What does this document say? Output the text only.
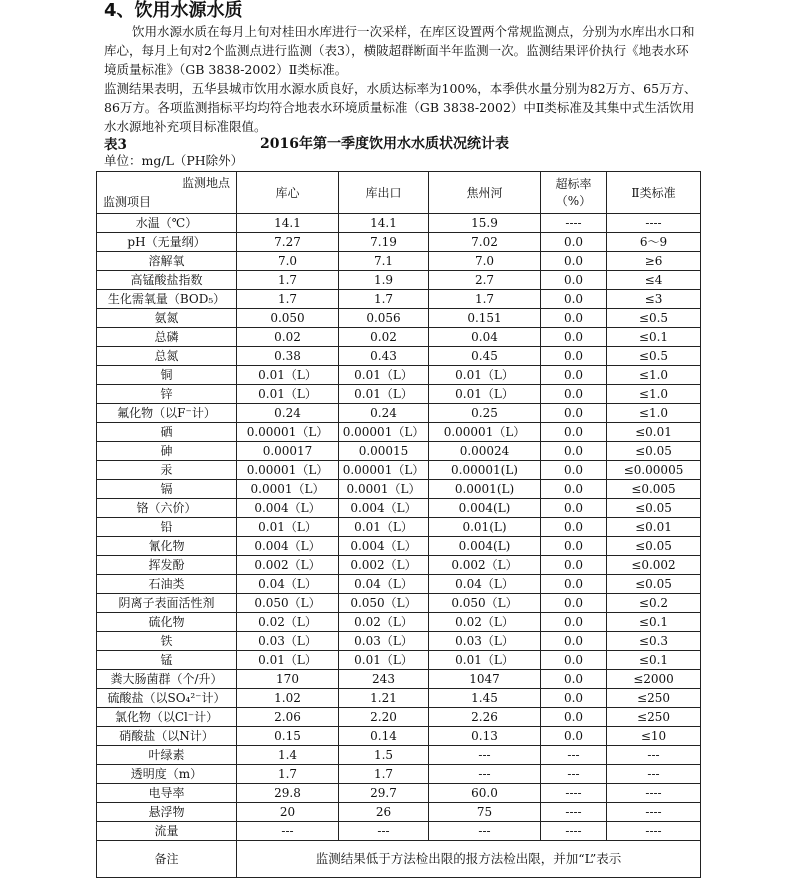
4、饮用水源水质

饮用水源水质在每月上旬对桂田水库进行一次采样，在库区设置两个常规监测点，分别为水库出水口和库心，每月上旬对2个监测点进行监测（表3），横陂超群断面半年监测一次。监测结果评价执行《地表水环境质量标准》（GB 3838-2002）Ⅱ类标准。

监测结果表明，五华县城市饮用水源水质良好，水质达标率为100%，本季供水量分别为82万方、65万方、86万方。各项监测指标平均均符合地表水环境质量标准（GB 3838-2002）中Ⅱ类标准及其集中式生活饮用水水源地补充项目标准限值。

表3	2016年第一季度饮用水水质状况统计表
单位：mg/L（PH除外）
监测地点
监测项目	库心	库出口	焦州河	超标率（%）	Ⅱ类标准
水温（℃）	14.1	14.1	15.9	----	----
pH（无量纲）	7.27	7.19	7.02	0.0	6～9
溶解氧	7.0	7.1	7.0	0.0	≥6
高锰酸盐指数	1.7	1.9	2.7	0.0	≤4
生化需氧量（BOD₅）	1.7	1.7	1.7	0.0	≤3
氨氮	0.050	0.056	0.151	0.0	≤0.5
总磷	0.02	0.02	0.04	0.0	≤0.1
总氮	0.38	0.43	0.45	0.0	≤0.5
铜	0.01（L）	0.01（L）	0.01（L）	0.0	≤1.0
锌	0.01（L）	0.01（L）	0.01（L）	0.0	≤1.0
氟化物（以F⁻计）	0.24	0.24	0.25	0.0	≤1.0
硒	0.00001（L）	0.00001（L）	0.00001（L）	0.0	≤0.01
砷	0.00017	0.00015	0.00024	0.0	≤0.05
汞	0.00001（L）	0.00001（L）	0.00001(L)	0.0	≤0.00005
镉	0.0001（L）	0.0001（L）	0.0001(L)	0.0	≤0.005
铬（六价）	0.004（L）	0.004（L）	0.004(L)	0.0	≤0.05
铅	0.01（L）	0.01（L）	0.01(L)	0.0	≤0.01
氰化物	0.004（L）	0.004（L）	0.004(L)	0.0	≤0.05
挥发酚	0.002（L）	0.002（L）	0.002（L）	0.0	≤0.002
石油类	0.04（L）	0.04（L）	0.04（L）	0.0	≤0.05
阴离子表面活性剂	0.050（L）	0.050（L）	0.050（L）	0.0	≤0.2
硫化物	0.02（L）	0.02（L）	0.02（L）	0.0	≤0.1
铁	0.03（L）	0.03（L）	0.03（L）	0.0	≤0.3
锰	0.01（L）	0.01（L）	0.01（L）	0.0	≤0.1
粪大肠菌群（个/升）	170	243	1047	0.0	≤2000
硫酸盐（以SO₄²⁻计）	1.02	1.21	1.45	0.0	≤250
氯化物（以Cl⁻计）	2.06	2.20	2.26	0.0	≤250
硝酸盐（以N计）	0.15	0.14	0.13	0.0	≤10
叶绿素	1.4	1.5	---	---	---
透明度（m）	1.7	1.7	---	---	---
电导率	29.8	29.7	60.0	----	----
悬浮物	20	26	75	----	----
流量	---	---	---	----	----
备注	监测结果低于方法检出限的报方法检出限，并加“L”表示				
